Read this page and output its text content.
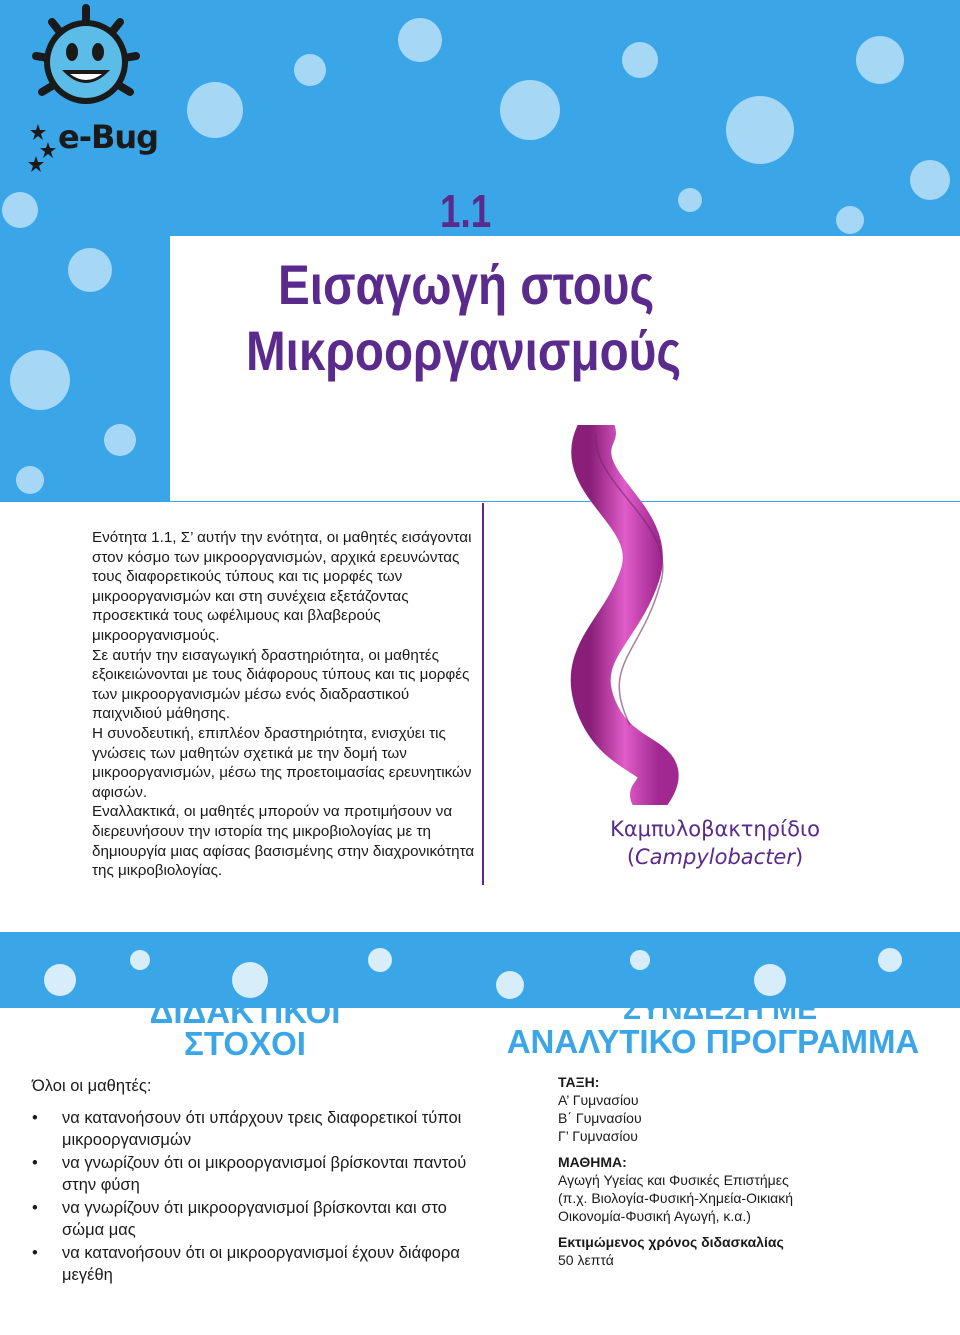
e-Bug
1.1
Εισαγωγή στους
Μικροοργανισμούς

Ενότητα 1.1, Σ’ αυτήν την ενότητα, οι μαθητές εισάγονται στον κόσμο των μικροοργανισμών, αρχικά ερευνώντας τους διαφορετικούς τύπους και τις μορφές των μικροοργανισμών και στη συνέχεια εξετάζοντας προσεκτικά τους ωφέλιμους και βλαβερούς μικροοργανισμούς.

Σε αυτήν την εισαγωγική δραστηριότητα, οι μαθητές εξοικειώνονται με τους διάφορους τύπους και τις μορφές των μικροοργανισμών μέσω ενός διαδραστικού παιχνιδιού μάθησης.

Η συνοδευτική, επιπλέον δραστηριότητα, ενισχύει τις γνώσεις των μαθητών σχετικά με την δομή των μικροοργανισμών, μέσω της προετοιμασίας ερευνητικών αφισών.

Εναλλακτικά, οι μαθητές μπορούν να προτιμήσουν να διερευνήσουν την ιστορία της μικροβιολογίας με τη δημιουργία μιας αφίσας βασισμένης στην διαχρονικότητα της μικροβιολογίας.

Καμπυλοβακτηρίδιο
(Campylobacter)
ΔΙΔΑΚΤΙΚΟΙ
ΣΤΟΧΟΙ
ΣΥΝΔΕΣΗ ΜΕ
ΑΝΑΛΥΤΙΚΟ ΠΡΟΓΡΑΜΜΑ
Όλοι οι μαθητές:
• να κατανοήσουν ότι υπάρχουν τρεις διαφορετικοί τύποι μικροοργανισμών
• να γνωρίζουν ότι οι μικροοργανισμοί βρίσκονται παντού στην φύση
• να γνωρίζουν ότι μικροοργανισμοί βρίσκονται και στο σώμα μας
• να κατανοήσουν ότι οι μικροοργανισμοί έχουν διάφορα μεγέθη
ΤΑΞΗ:
Α’ Γυμνασίου
Β΄ Γυμνασίου
Γ’ Γυμνασίου
ΜΑΘΗΜΑ:
Αγωγή Υγείας και Φυσικές Επιστήμες
(π.χ. Βιολογία-Φυσική-Χημεία-Οικιακή
Οικονομία-Φυσική Αγωγή, κ.α.)
Εκτιμώμενος χρόνος διδασκαλίας
50 λεπτά
